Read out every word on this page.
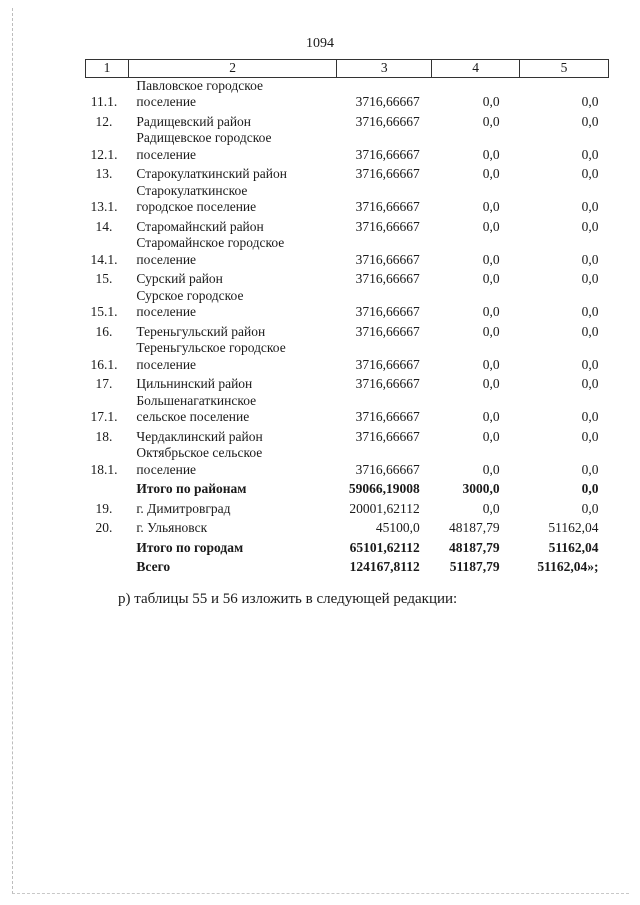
1094
1	2	3	4	5
11.1.	Павловское городское
поселение	3716,66667	0,0	0,0
12.	Радищевский район	3716,66667	0,0	0,0
12.1.	Радищевское городское
поселение	3716,66667	0,0	0,0
13.	Старокулаткинский район	3716,66667	0,0	0,0
13.1.	Старокулаткинское
городское поселение	3716,66667	0,0	0,0
14.	Старомайнский район	3716,66667	0,0	0,0
14.1.	Старомайнское городское
поселение	3716,66667	0,0	0,0
15.	Сурский район	3716,66667	0,0	0,0
15.1.	Сурское городское
поселение	3716,66667	0,0	0,0
16.	Тереньгульский район	3716,66667	0,0	0,0
16.1.	Тереньгульское городское
поселение	3716,66667	0,0	0,0
17.	Цильнинский район	3716,66667	0,0	0,0
17.1.	Большенагаткинское
сельское поселение	3716,66667	0,0	0,0
18.	Чердаклинский район	3716,66667	0,0	0,0
18.1.	Октябрьское сельское
поселение	3716,66667	0,0	0,0

	Итого по районам	59066,19008	3000,0	0,0
19.	г. Димитровград	20001,62112	0,0	0,0
20.	г. Ульяновск	45100,0	48187,79	51162,04

	Итого по городам	65101,62112	48187,79	51162,04

	Всего	124167,8112	51187,79	51162,04»;
р) таблицы 55 и 56 изложить в следующей редакции:
